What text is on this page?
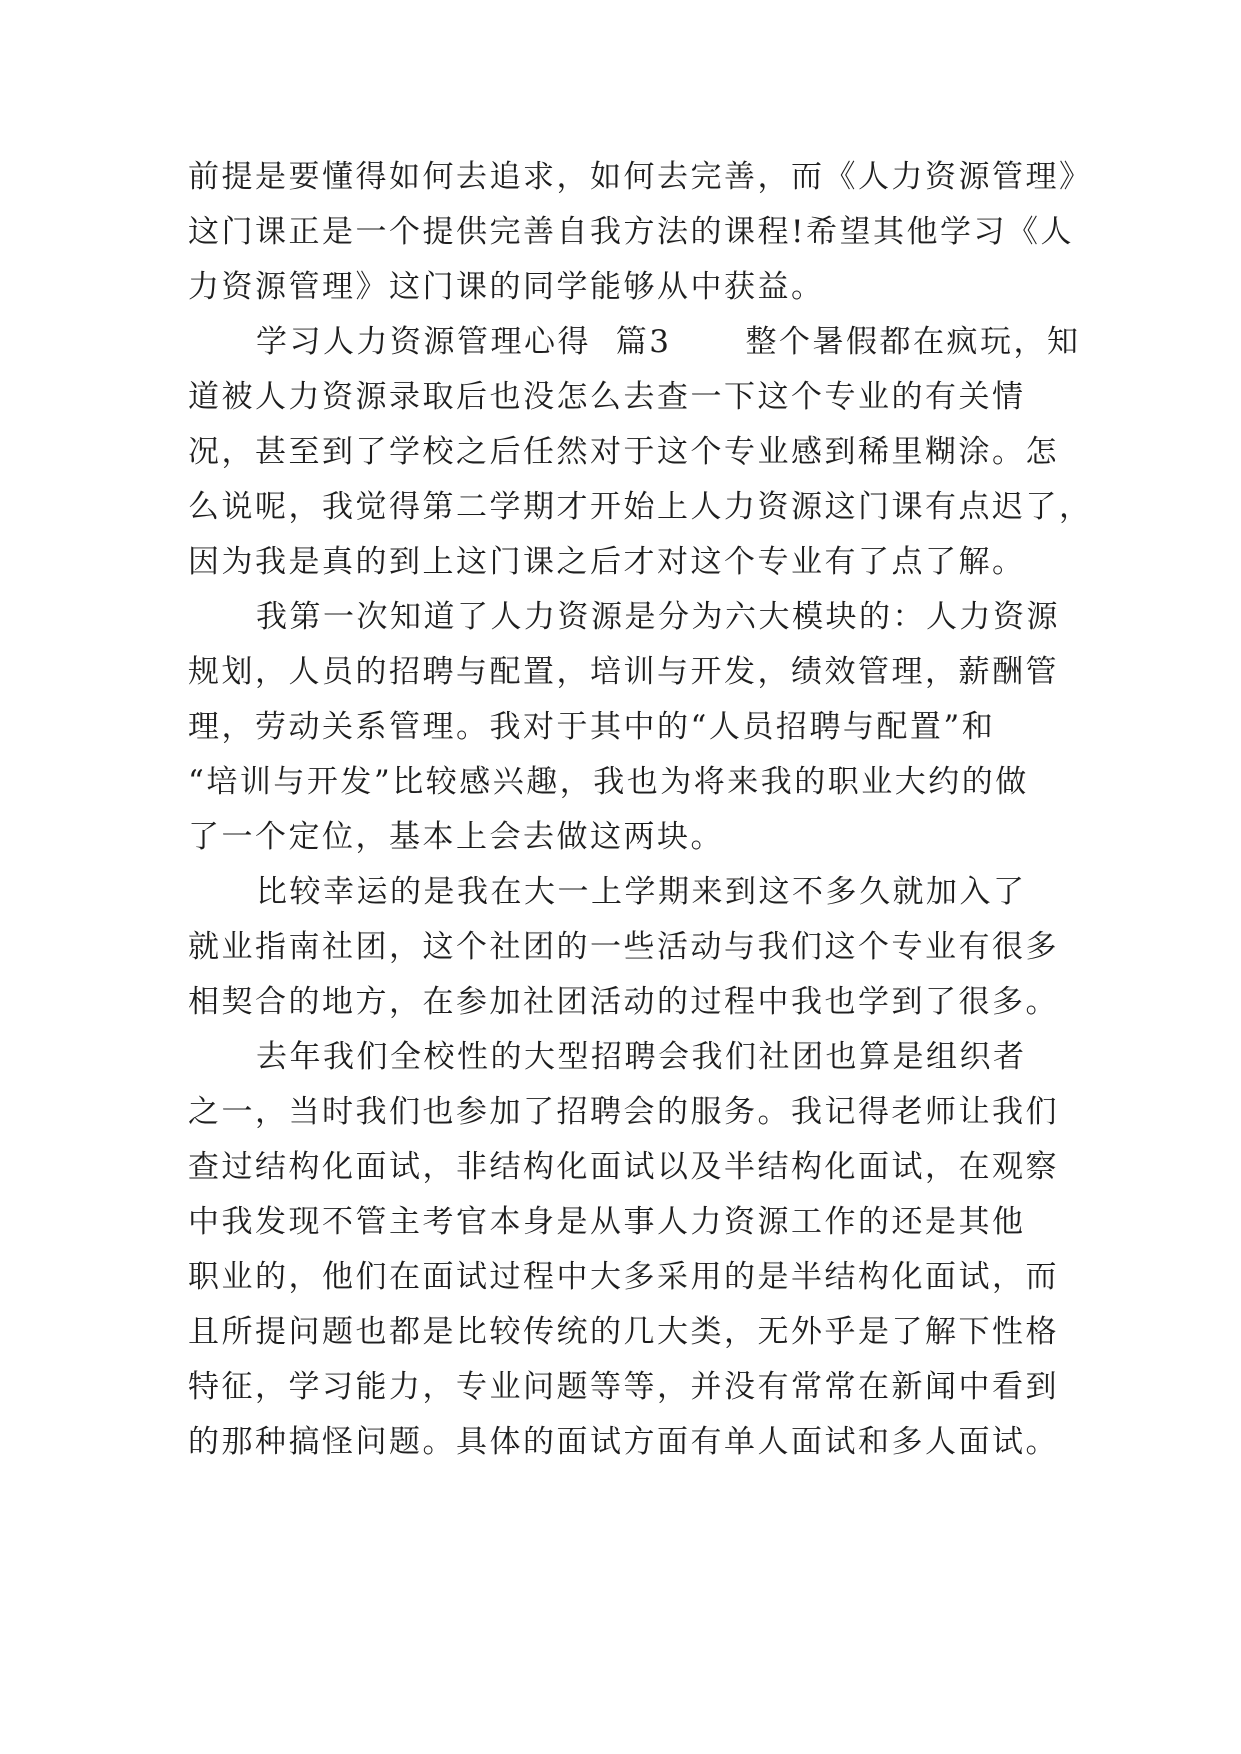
前提是要懂得如何去追求，如何去完善，而《人力资源管理》
这门课正是一个提供完善自我方法的课程!希望其他学习《人
力资源管理》这门课的同学能够从中获益。
学习人力资源管理心得  篇3      整个暑假都在疯玩，知
道被人力资源录取后也没怎么去查一下这个专业的有关情
况，甚至到了学校之后任然对于这个专业感到稀里糊涂。怎
么说呢，我觉得第二学期才开始上人力资源这门课有点迟了，
因为我是真的到上这门课之后才对这个专业有了点了解。
我第一次知道了人力资源是分为六大模块的：人力资源
规划，人员的招聘与配置，培训与开发，绩效管理，薪酬管
理，劳动关系管理。我对于其中的“人员招聘与配置”和
“培训与开发”比较感兴趣，我也为将来我的职业大约的做
了一个定位，基本上会去做这两块。
比较幸运的是我在大一上学期来到这不多久就加入了
就业指南社团，这个社团的一些活动与我们这个专业有很多
相契合的地方，在参加社团活动的过程中我也学到了很多。
去年我们全校性的大型招聘会我们社团也算是组织者
之一，当时我们也参加了招聘会的服务。我记得老师让我们
查过结构化面试，非结构化面试以及半结构化面试，在观察
中我发现不管主考官本身是从事人力资源工作的还是其他
职业的，他们在面试过程中大多采用的是半结构化面试，而
且所提问题也都是比较传统的几大类，无外乎是了解下性格
特征，学习能力，专业问题等等，并没有常常在新闻中看到
的那种搞怪问题。具体的面试方面有单人面试和多人面试。
